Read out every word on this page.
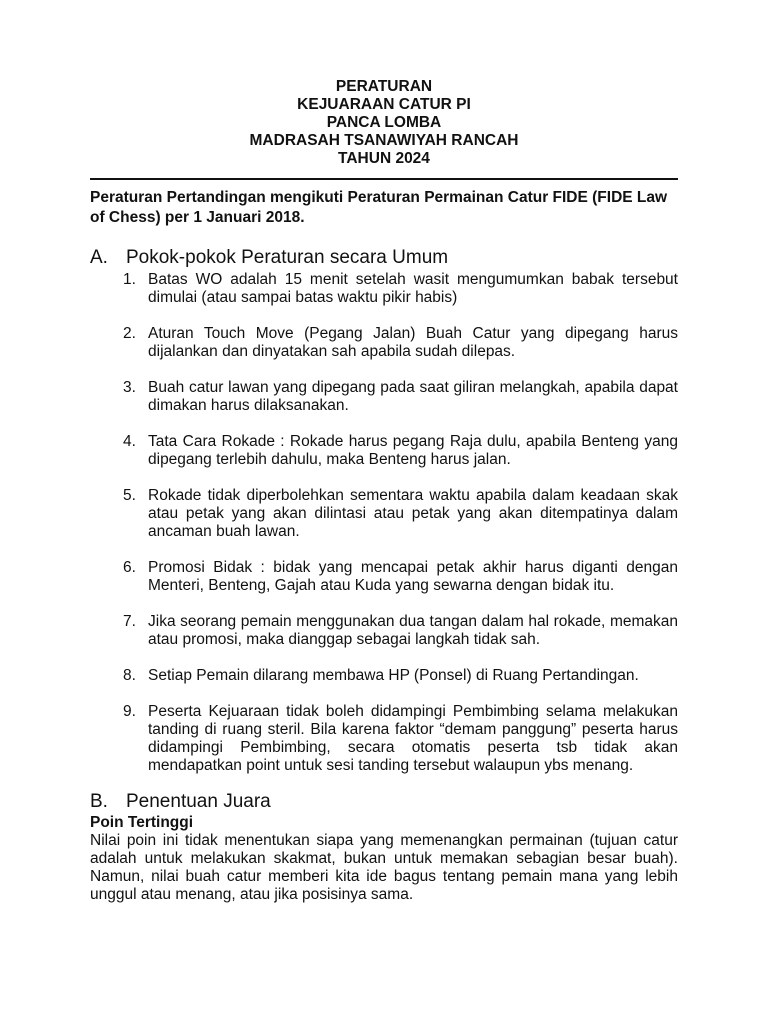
PERATURAN
KEJUARAAN CATUR PI
PANCA LOMBA
MADRASAH TSANAWIYAH RANCAH
TAHUN 2024
Peraturan Pertandingan mengikuti Peraturan Permainan Catur FIDE (FIDE Law of Chess) per 1 Januari 2018.
A. Pokok-pokok Peraturan secara Umum
1. Batas WO adalah 15 menit setelah wasit mengumumkan babak tersebut dimulai (atau sampai batas waktu pikir habis)
2. Aturan Touch Move (Pegang Jalan) Buah Catur yang dipegang harus dijalankan dan dinyatakan sah apabila sudah dilepas.
3. Buah catur lawan yang dipegang pada saat giliran melangkah, apabila dapat dimakan harus dilaksanakan.
4. Tata Cara Rokade : Rokade harus pegang Raja dulu, apabila Benteng yang dipegang terlebih dahulu, maka Benteng harus jalan.
5. Rokade tidak diperbolehkan sementara waktu apabila dalam keadaan skak atau petak yang akan dilintasi atau petak yang akan ditempatinya dalam ancaman buah lawan.
6. Promosi Bidak : bidak yang mencapai petak akhir harus diganti dengan Menteri, Benteng, Gajah atau Kuda yang sewarna dengan bidak itu.
7. Jika seorang pemain menggunakan dua tangan dalam hal rokade, memakan atau promosi, maka dianggap sebagai langkah tidak sah.
8. Setiap Pemain dilarang membawa HP (Ponsel) di Ruang Pertandingan.
9. Peserta Kejuaraan tidak boleh didampingi Pembimbing selama melakukan tanding di ruang steril. Bila karena faktor “demam panggung” peserta harus didampingi Pembimbing, secara otomatis peserta tsb tidak akan mendapatkan point untuk sesi tanding tersebut walaupun ybs menang.
B. Penentuan Juara
Poin Tertinggi

Nilai poin ini tidak menentukan siapa yang memenangkan permainan (tujuan catur adalah untuk melakukan skakmat, bukan untuk memakan sebagian besar buah). Namun, nilai buah catur memberi kita ide bagus tentang pemain mana yang lebih unggul atau menang, atau jika posisinya sama.
